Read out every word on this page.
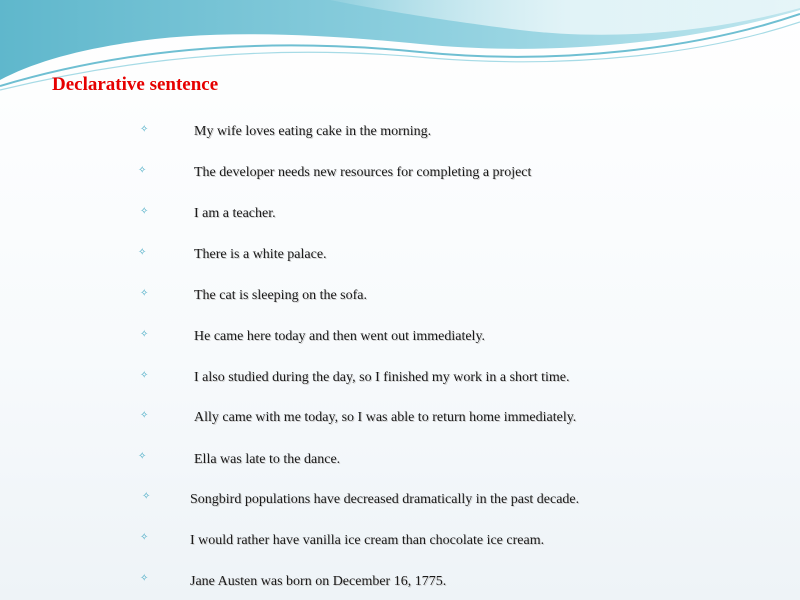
Declarative sentence
✧	My wife loves eating cake in the morning.
✧	The developer needs new resources for completing a project
✧	I am a teacher.
✧	There is a white palace.
✧	The cat is sleeping on the sofa.
✧	He came here today and then went out immediately.
✧	I also studied during the day, so I finished my work in a short time.
✧	Ally came with me today, so I was able to return home immediately.
✧	Ella was late to the dance.
✧	Songbird populations have decreased dramatically in the past decade.
✧	I would rather have vanilla ice cream than chocolate ice cream.
✧	Jane Austen was born on December 16, 1775.
